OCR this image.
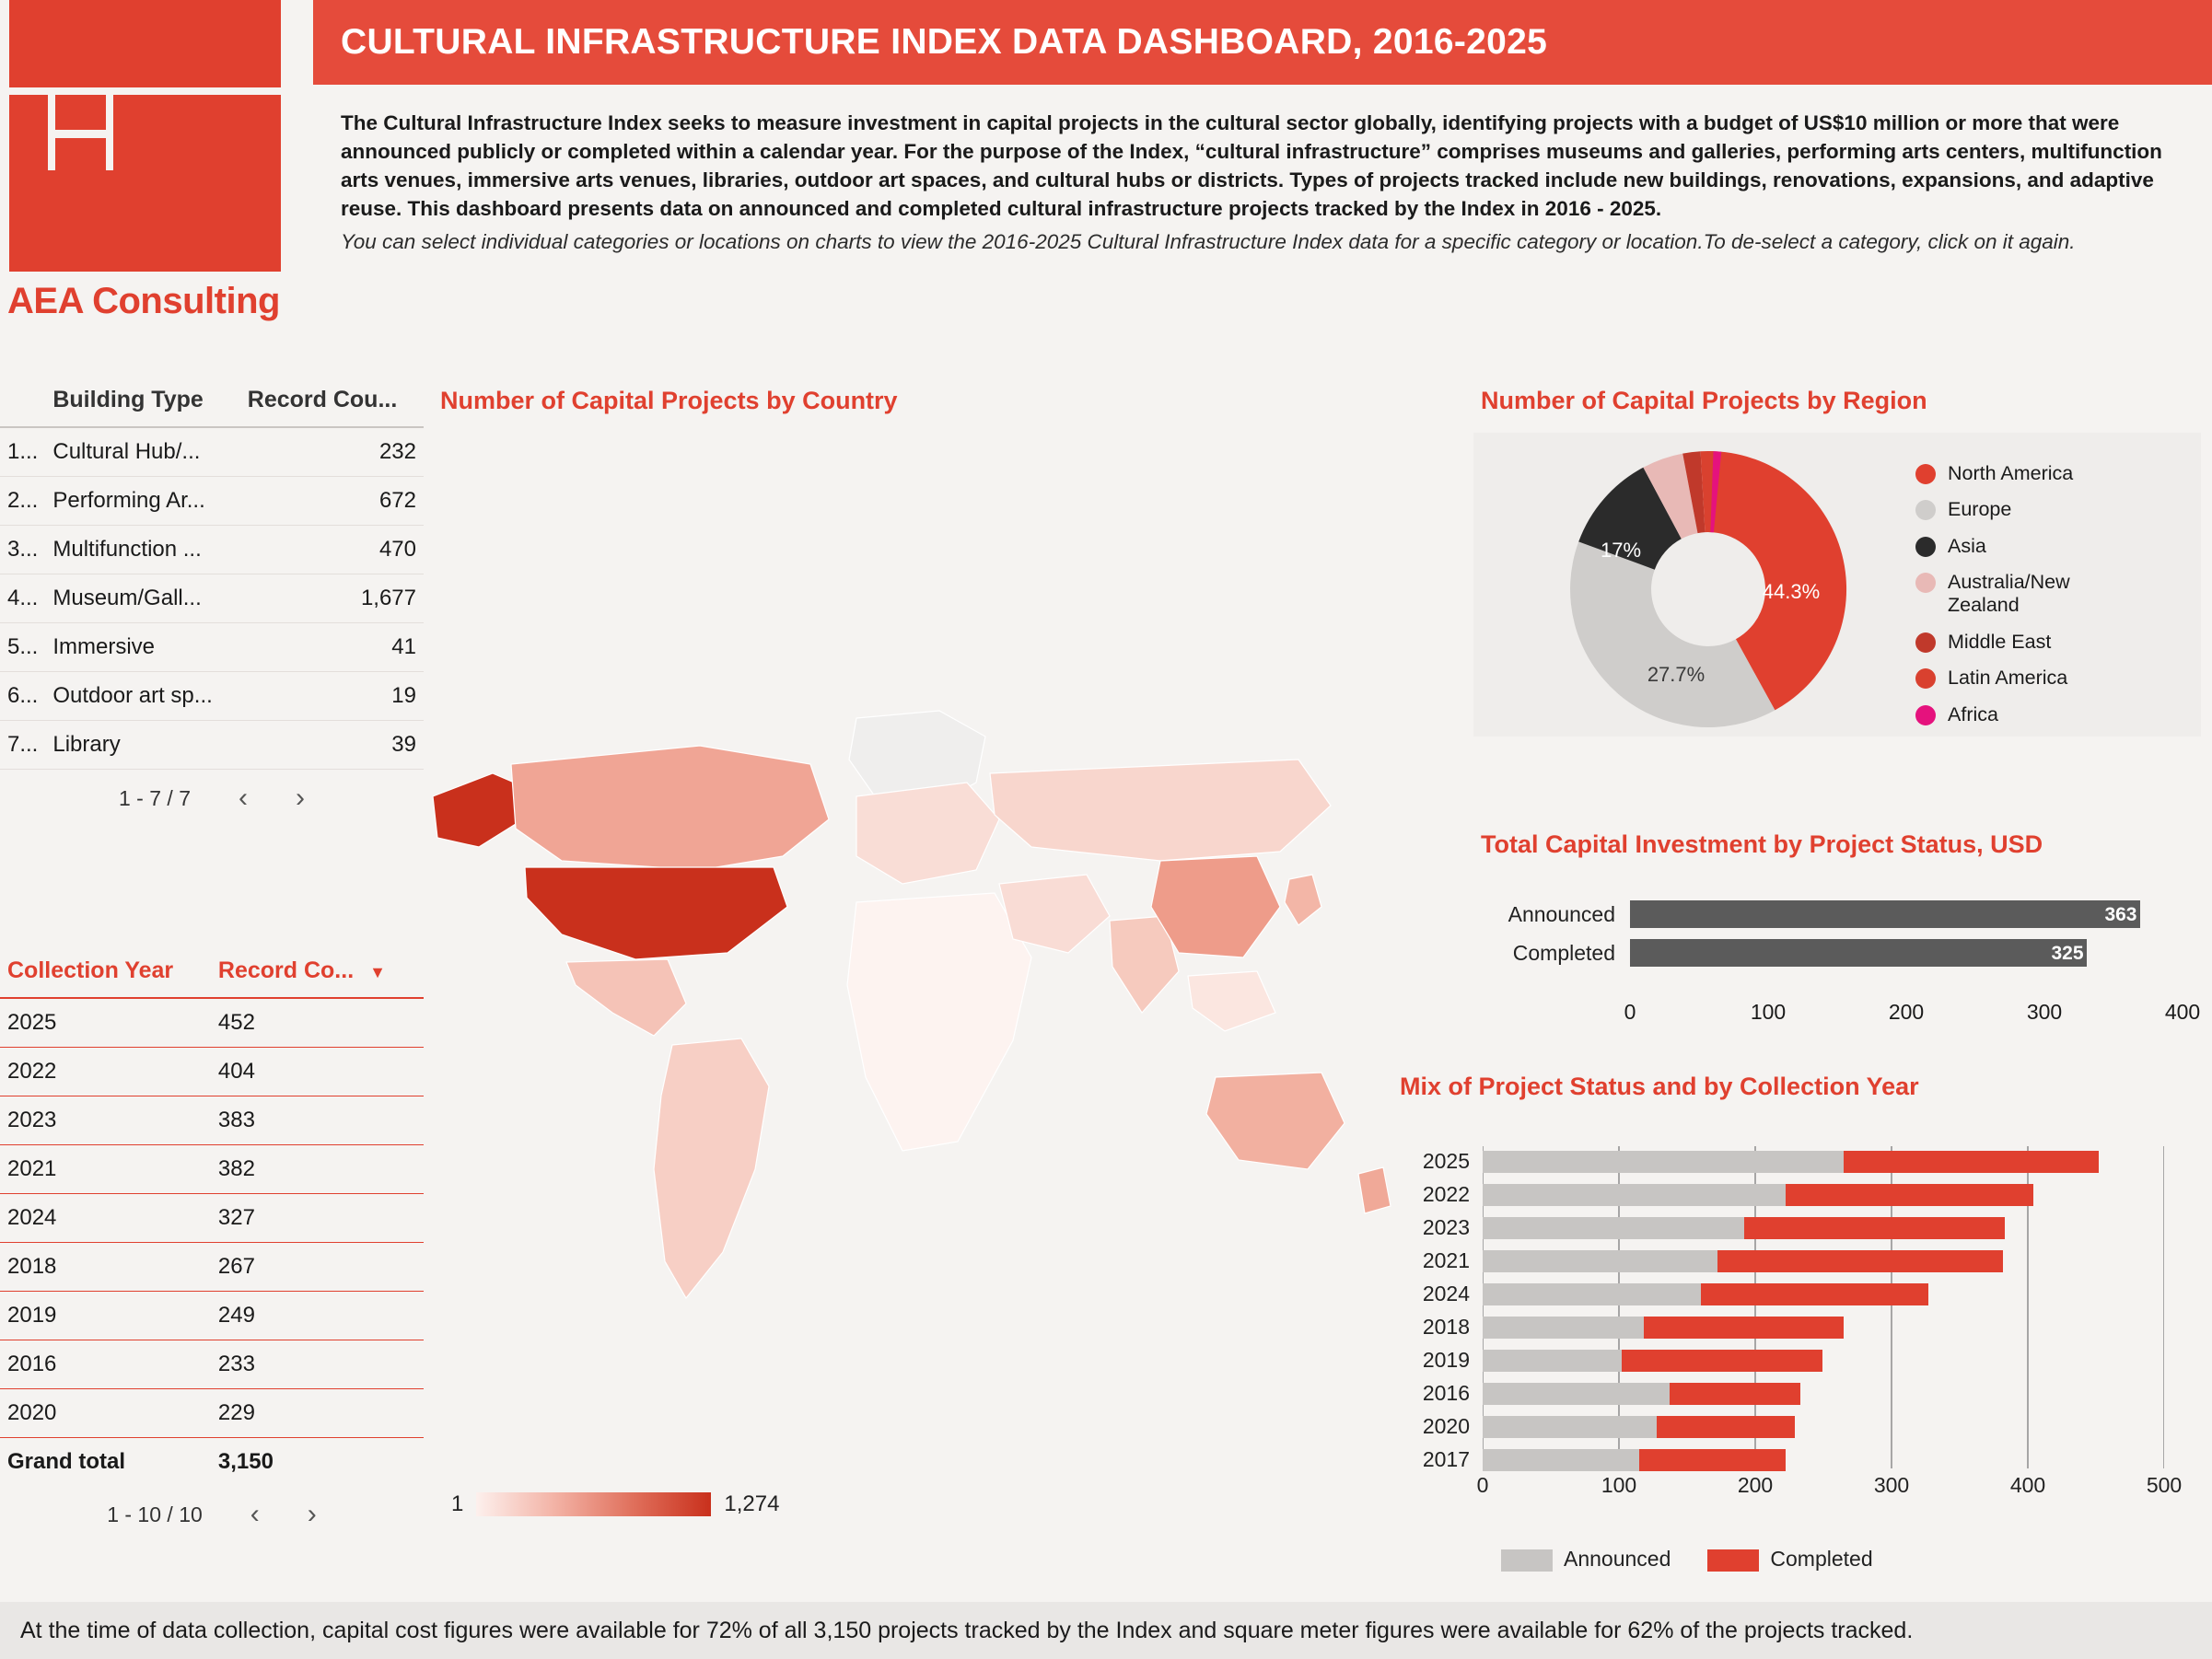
AEA Consulting
CULTURAL INFRASTRUCTURE INDEX DATA DASHBOARD, 2016-2025
The Cultural Infrastructure Index seeks to measure investment in capital projects in the cultural sector globally, identifying projects with a budget of US$10 million or more that were announced publicly or completed within a calendar year. For the purpose of the Index, “cultural infrastructure” comprises museums and galleries, performing arts centers, multifunction arts venues, immersive arts venues, libraries, outdoor art spaces, and cultural hubs or districts. Types of projects tracked include new buildings, renovations, expansions, and adaptive reuse. This dashboard presents data on announced and completed cultural infrastructure projects tracked by the Index in 2016 - 2025.
You can select individual categories or locations on charts to view the 2016-2025 Cultural Infrastructure Index data for a specific category or location.To de-select a category, click on it again.
	Building Type	Record Cou...
1...	Cultural Hub/...	232
2...	Performing Ar...	672
3...	Multifunction ...	470
4...	Museum/Gall...	1,677
5...	Immersive	41
6...	Outdoor art sp...	19
7...	Library	39
1 - 7 / 7 ‹ ›
Collection Year	Record Co... ▼
2025	452
2022	404
2023	383
2021	382
2024	327
2018	267
2019	249
2016	233
2020	229
Grand total	3,150
1 - 10 / 10 ‹ ›
Number of Capital Projects by Country	Number of Capital Projects by Region
Total Capital Investment by Project Status, USD
Mix of Project Status and by Collection Year
1	1,274
44.3%
27.7%
17%
North America
Europe
Asia
Australia/New Zealand
Middle East
Latin America
Africa
Announced	363
Completed	325
0	100	200	300	400
2025
2022
2023
2021
2024
2018
2019
2016
2020
2017
0	100	200	300	400	500
Announced	Completed
At the time of data collection, capital cost figures were available for 72% of all 3,150 projects tracked by the Index and square meter figures were available for 62% of the projects tracked.
